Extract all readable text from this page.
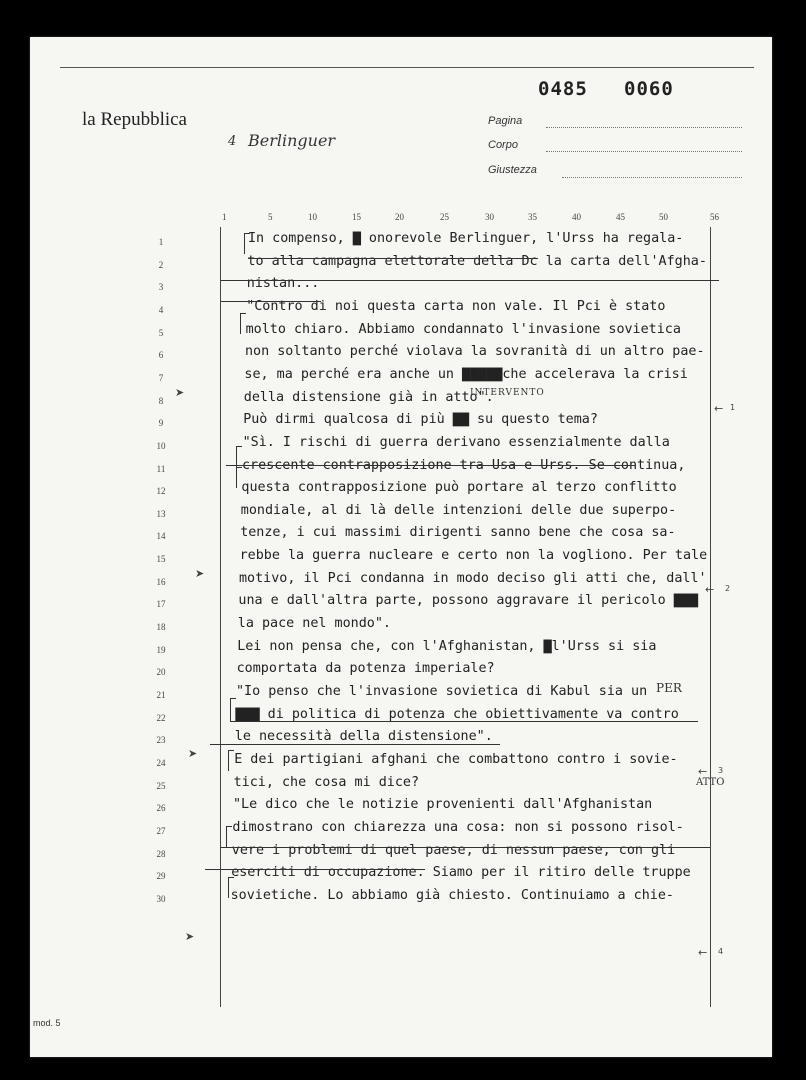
la Repubblica
0485 0060
4 Berlinguer
Pagina
Corpo
Giustezza
1	5	10	15	20	25	30	35	40	45	50	56
1	In compenso, ▇ onorevole Berlinguer, l'Urss ha regala-
2	to alla campagna elettorale della Dc la carta dell'Afgha-
3	nistan...
4	"Contro di noi questa carta non vale. Il Pci è stato
5	molto chiaro. Abbiamo condannato l'invasione sovietica
6	non soltanto perché violava la sovranità di un altro pae-
7	se, ma perché era anche un ▇▇▇▇▇che accelerava la crisi
8	della distensione già in atto".
9	Può dirmi qualcosa di più ▇▇ su questo tema?
10	"Sì. I rischi di guerra derivano essenzialmente dalla
11	crescente contrapposizione tra Usa e Urss. Se continua,
12	questa contrapposizione può portare al terzo conflitto
13	mondiale, al di là delle intenzioni delle due superpo-
14	tenze, i cui massimi dirigenti sanno bene che cosa sa-
15	rebbe la guerra nucleare e certo non la vogliono. Per tale
16	motivo, il Pci condanna in modo deciso gli atti che, dall'
17	una e dall'altra parte, possono aggravare il pericolo ▇▇▇
18	la pace nel mondo".
19	Lei non pensa che, con l'Afghanistan, ▇l'Urss si sia
20	comportata da potenza imperiale?
21	"Io penso che l'invasione sovietica di Kabul sia un
22	▇▇▇ di politica di potenza che obiettivamente va contro
23	le necessità della distensione".
24	E dei partigiani afghani che combattono contro i sovie-
25	tici, che cosa mi dice?
26	"Le dico che le notizie provenienti dall'Afghanistan
27	dimostrano con chiarezza una cosa: non si possono risol-
28	vere i problemi di quel paese, di nessun paese, con gli
29	eserciti di occupazione. Siamo per il ritiro delle truppe
30	sovietiche. Lo abbiamo già chiesto. Continuiamo a chie-
INTERVENTO
PER
ATTO
➤
➤
➤
➤
← 1
← 2
← 3
← 4
mod. 5
